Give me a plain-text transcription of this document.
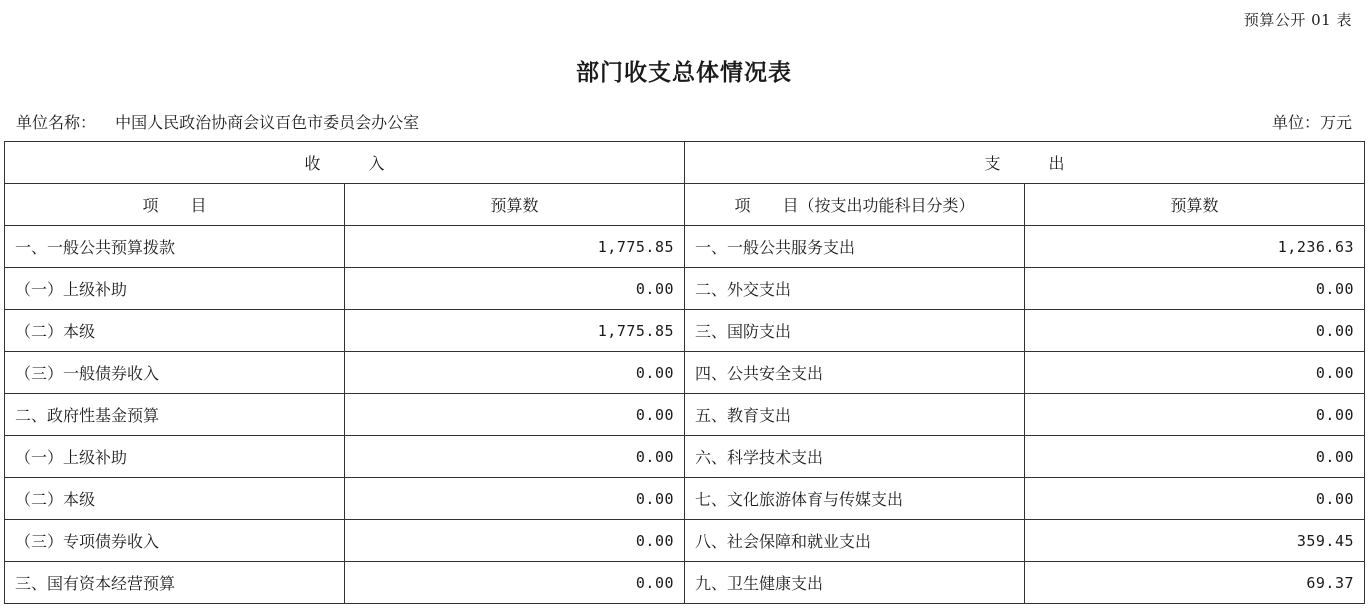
预算公开 01 表
部门收支总体情况表
单位名称： 中国人民政治协商会议百色市委员会办公室	单位：万元
收　　　入		支　　　出	
项　　目	预算数	项　　目（按支出功能科目分类）	预算数
一、一般公共预算拨款	1,775.85	一、一般公共服务支出	1,236.63
（一）上级补助	0.00	二、外交支出	0.00
（二）本级	1,775.85	三、国防支出	0.00
（三）一般债券收入	0.00	四、公共安全支出	0.00
二、政府性基金预算	0.00	五、教育支出	0.00
（一）上级补助	0.00	六、科学技术支出	0.00
（二）本级	0.00	七、文化旅游体育与传媒支出	0.00
（三）专项债券收入	0.00	八、社会保障和就业支出	359.45
三、国有资本经营预算	0.00	九、卫生健康支出	69.37
